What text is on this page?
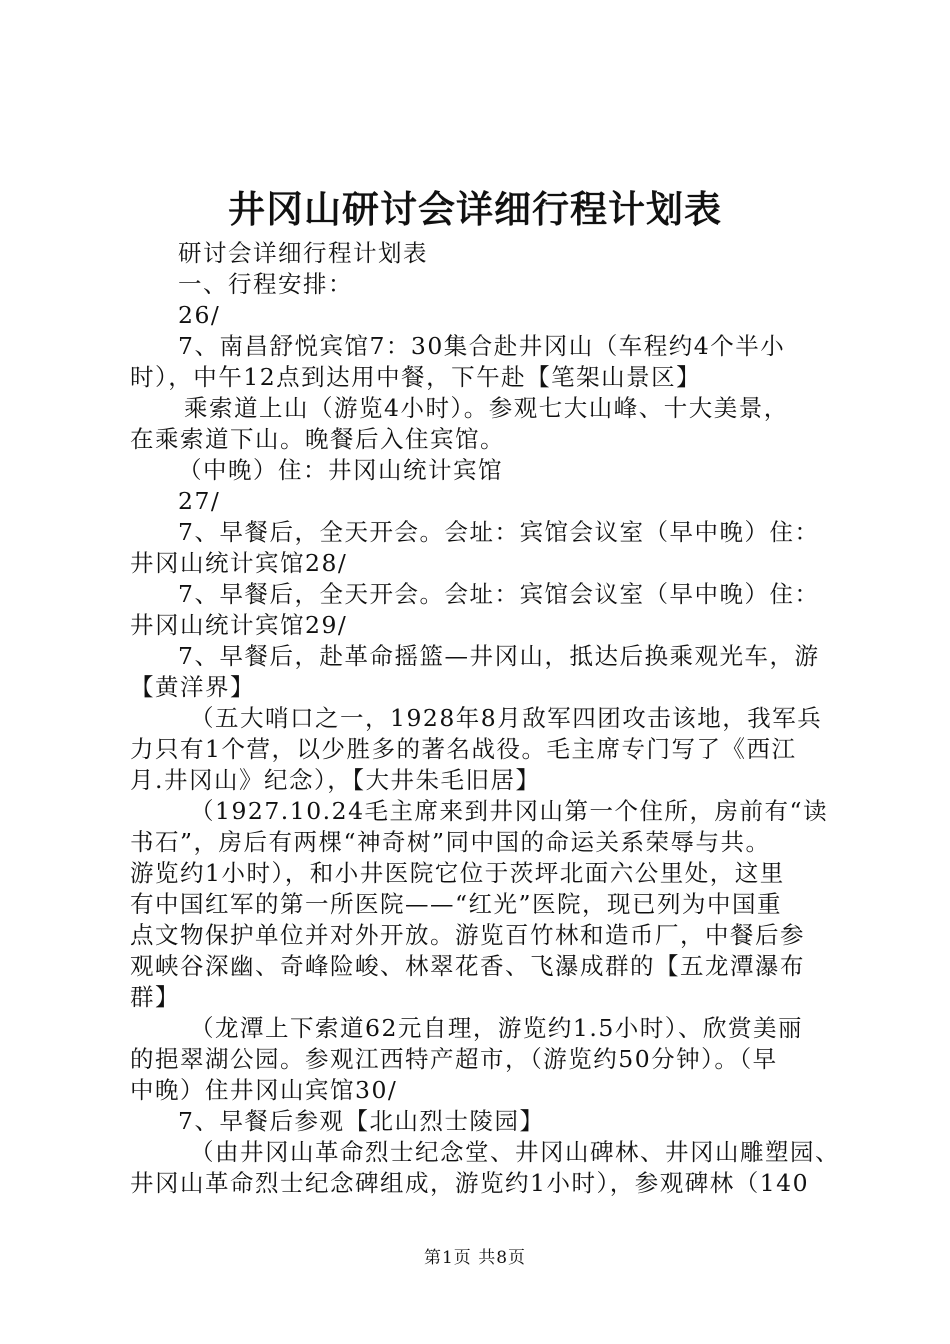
井冈山研讨会详细行程计划表
研讨会详细行程计划表
一、行程安排：
26/
7、南昌舒悦宾馆7：30集合赴井冈山（车程约4个半小
时），中午12点到达用中餐，下午赴【笔架山景区】
乘索道上山（游览4小时）。参观七大山峰、十大美景，
在乘索道下山。晚餐后入住宾馆。
（中晚）住：井冈山统计宾馆
27/
7、早餐后，全天开会。会址：宾馆会议室（早中晚）住：
井冈山统计宾馆28/
7、早餐后，全天开会。会址：宾馆会议室（早中晚）住：
井冈山统计宾馆29/
7、早餐后，赴革命摇篮—井冈山，抵达后换乘观光车，游
【黄洋界】
（五大哨口之一，1928年8月敌军四团攻击该地，我军兵
力只有1个营，以少胜多的著名战役。毛主席专门写了《西江
月.井冈山》纪念），【大井朱毛旧居】
（1927.10.24毛主席来到井冈山第一个住所，房前有“读
书石”，房后有两棵“神奇树”同中国的命运关系荣辱与共。
游览约1小时），和小井医院它位于茨坪北面六公里处，这里
有中国红军的第一所医院——“红光”医院，现已列为中国重
点文物保护单位并对外开放。游览百竹林和造币厂，中餐后参
观峡谷深幽、奇峰险峻、林翠花香、飞瀑成群的【五龙潭瀑布
群】
（龙潭上下索道62元自理，游览约1.5小时）、欣赏美丽
的挹翠湖公园。参观江西特产超市，（游览约50分钟）。（早
中晚）住井冈山宾馆30/
7、早餐后参观【北山烈士陵园】
（由井冈山革命烈士纪念堂、井冈山碑林、井冈山雕塑园、
井冈山革命烈士纪念碑组成，游览约1小时），参观碑林（140
第1页 共8页
